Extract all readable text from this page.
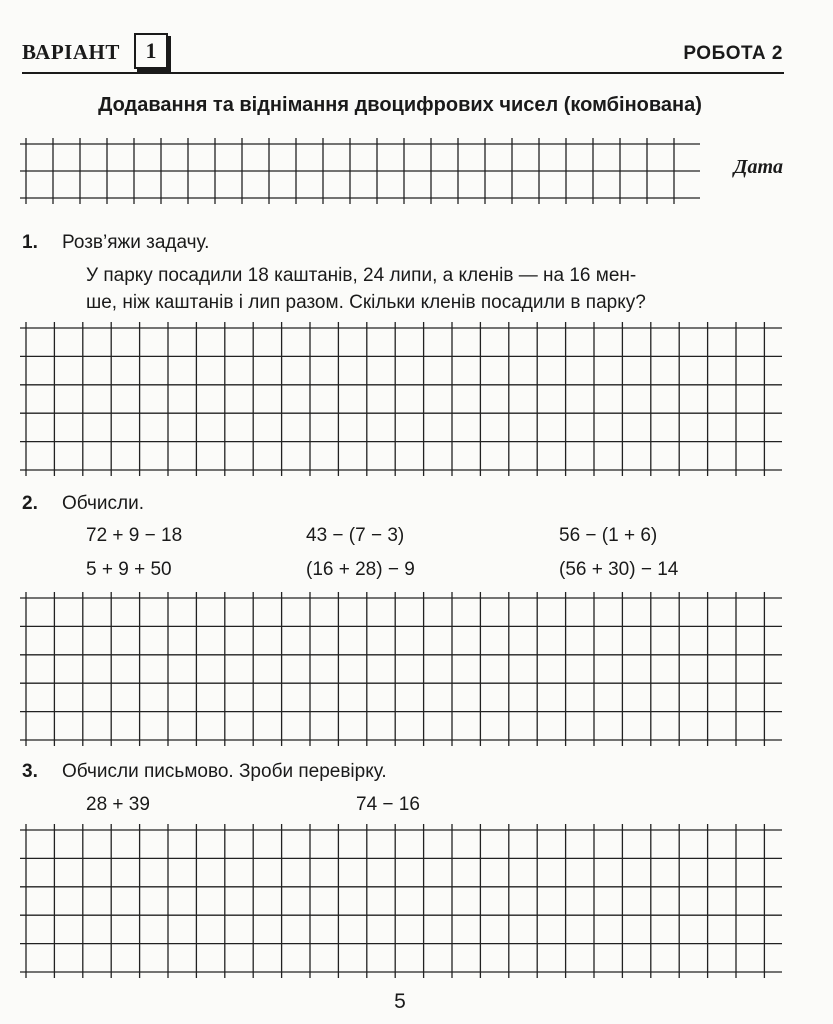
ВАРІАНТ	1	РОБОТА 2
Додавання та віднімання двоцифрових чисел (комбінована)
Дата
1. Розв’яжи задачу.
У парку посадили 18 каштанів, 24 липи, а кленів — на 16 мен-
ше, ніж каштанів і лип разом. Скільки кленів посадили в парку?
2. Обчисли.
72 + 9 − 18	43 − (7 − 3)	56 − (1 + 6)
5 + 9 + 50	(16 + 28) − 9	(56 + 30) − 14
3. Обчисли письмово. Зроби перевірку.
28 + 39	74 − 16
5
